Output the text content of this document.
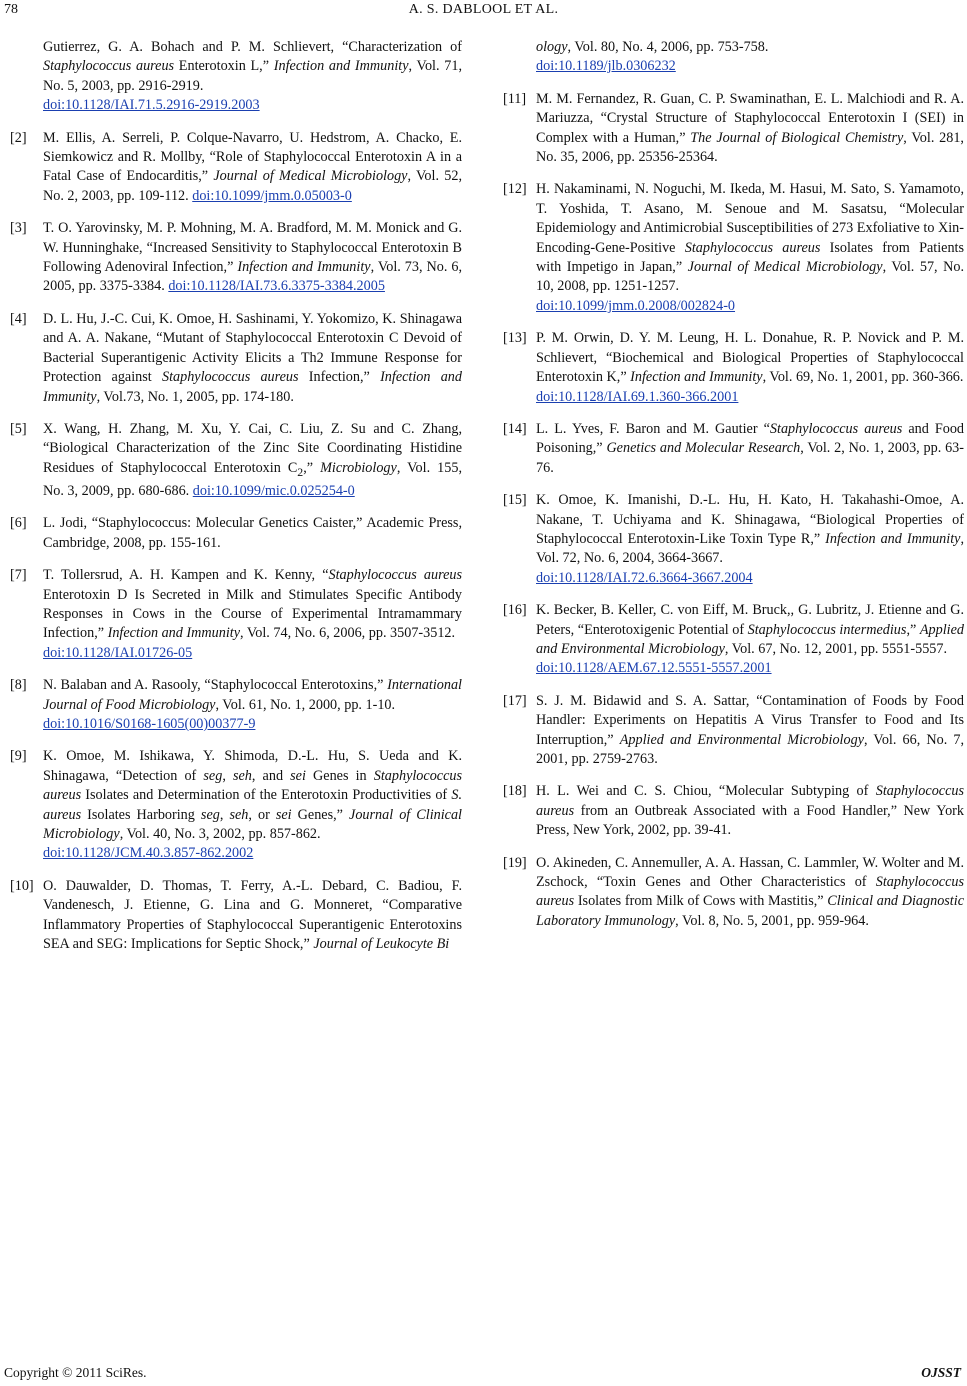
78	A. S. DABLOOL ET AL.
Gutierrez, G. A. Bohach and P. M. Schlievert, “Characterization of Staphylococcus aureus Enterotoxin L,” Infection and Immunity, Vol. 71, No. 5, 2003, pp. 2916-2919.
doi:10.1128/IAI.71.5.2916-2919.2003
[2]	M. Ellis, A. Serreli, P. Colque-Navarro, U. Hedstrom, A. Chacko, E. Siemkowicz and R. Mollby, “Role of Staphylococcal Enterotoxin A in a Fatal Case of Endocarditis,” Journal of Medical Microbiology, Vol. 52, No. 2, 2003, pp. 109-112. doi:10.1099/jmm.0.05003-0
[3]	T. O. Yarovinsky, M. P. Mohning, M. A. Bradford, M. M. Monick and G. W. Hunninghake, “Increased Sensitivity to Staphylococcal Enterotoxin B Following Adenoviral Infection,” Infection and Immunity, Vol. 73, No. 6, 2005, pp. 3375-3384. doi:10.1128/IAI.73.6.3375-3384.2005
[4]	D. L. Hu, J.-C. Cui, K. Omoe, H. Sashinami, Y. Yokomizo, K. Shinagawa and A. A. Nakane, “Mutant of Staphylococcal Enterotoxin C Devoid of Bacterial Superantigenic Activity Elicits a Th2 Immune Response for Protection against Staphylococcus aureus Infection,” Infection and Immunity, Vol.73, No. 1, 2005, pp. 174-180.
[5]	X. Wang, H. Zhang, M. Xu, Y. Cai, C. Liu, Z. Su and C. Zhang, “Biological Characterization of the Zinc Site Coordinating Histidine Residues of Staphylococcal Enterotoxin $C_2$,” Microbiology, Vol. 155, No. 3, 2009, pp. 680-686. doi:10.1099/mic.0.025254-0
[6]	L. Jodi, “Staphylococcus: Molecular Genetics Caister,” Academic Press, Cambridge, 2008, pp. 155-161.
[7]	T. Tollersrud, A. H. Kampen and K. Kenny, “Staphylococcus aureus Enterotoxin D Is Secreted in Milk and Stimulates Specific Antibody Responses in Cows in the Course of Experimental Intramammary Infection,” Infection and Immunity, Vol. 74, No. 6, 2006, pp. 3507-3512.
doi:10.1128/IAI.01726-05
[8]	N. Balaban and A. Rasooly, “Staphylococcal Enterotoxins,” International Journal of Food Microbiology, Vol. 61, No. 1, 2000, pp. 1-10.
doi:10.1016/S0168-1605(00)00377-9
[9]	K. Omoe, M. Ishikawa, Y. Shimoda, D.-L. Hu, S. Ueda and K. Shinagawa, “Detection of seg, seh, and sei Genes in Staphylococcus aureus Isolates and Determination of the Enterotoxin Productivities of S. aureus Isolates Harboring seg, seh, or sei Genes,” Journal of Clinical Microbiology, Vol. 40, No. 3, 2002, pp. 857-862.
doi:10.1128/JCM.40.3.857-862.2002
[10] O. Dauwalder, D. Thomas, T. Ferry, A.-L. Debard, C. Badiou, F. Vandenesch, J. Etienne, G. Lina and G. Monneret, “Comparative Inflammatory Properties of Staphylococcal Superantigenic Enterotoxins SEA and SEG: Implications for Septic Shock,” Journal of Leukocyte Bi
ology, Vol. 80, No. 4, 2006, pp. 753-758.
doi:10.1189/jlb.0306232
[11] M. M. Fernandez, R. Guan, C. P. Swaminathan, E. L. Malchiodi and R. A. Mariuzza, “Crystal Structure of Staphylococcal Enterotoxin I (SEI) in Complex with a Human,” The Journal of Biological Chemistry, Vol. 281, No. 35, 2006, pp. 25356-25364.
[12] H. Nakaminami, N. Noguchi, M. Ikeda, M. Hasui, M. Sato, S. Yamamoto, T. Yoshida, T. Asano, M. Senoue and M. Sasatsu, “Molecular Epidemiology and Antimicrobial Susceptibilities of 273 Exfoliative to Xin-Encoding-Gene-Positive Staphylococcus aureus Isolates from Patients with Impetigo in Japan,” Journal of Medical Microbiology, Vol. 57, No. 10, 2008, pp. 1251-1257.
doi:10.1099/jmm.0.2008/002824-0
[13] P. M. Orwin, D. Y. M. Leung, H. L. Donahue, R. P. Novick and P. M. Schlievert, “Biochemical and Biological Properties of Staphylococcal Enterotoxin K,” Infection and Immunity, Vol. 69, No. 1, 2001, pp. 360-366.
doi:10.1128/IAI.69.1.360-366.2001
[14] L. L. Yves, F. Baron and M. Gautier “Staphylococcus aureus and Food Poisoning,” Genetics and Molecular Research, Vol. 2, No. 1, 2003, pp. 63-76.
[15] K. Omoe, K. Imanishi, D.-L. Hu, H. Kato, H. Takahashi-Omoe, A. Nakane, T. Uchiyama and K. Shinagawa, “Biological Properties of Staphylococcal Enterotoxin-Like Toxin Type R,” Infection and Immunity, Vol. 72, No. 6, 2004, 3664-3667.
doi:10.1128/IAI.72.6.3664-3667.2004
[16] K. Becker, B. Keller, C. von Eiff, M. Bruck,, G. Lubritz, J. Etienne and G. Peters, “Enterotoxigenic Potential of Staphylococcus intermedius,” Applied and Environmental Microbiology, Vol. 67, No. 12, 2001, pp. 5551-5557.
doi:10.1128/AEM.67.12.5551-5557.2001
[17] S. J. M. Bidawid and S. A. Sattar, “Contamination of Foods by Food Handler: Experiments on Hepatitis A Virus Transfer to Food and Its Interruption,” Applied and Environmental Microbiology, Vol. 66, No. 7, 2001, pp. 2759-2763.
[18] H. L. Wei and C. S. Chiou, “Molecular Subtyping of Staphylococcus aureus from an Outbreak Associated with a Food Handler,” New York Press, New York, 2002, pp. 39-41.
[19] O. Akineden, C. Annemuller, A. A. Hassan, C. Lammler, W. Wolter and M. Zschock, “Toxin Genes and Other Characteristics of Staphylococcus aureus Isolates from Milk of Cows with Mastitis,” Clinical and Diagnostic Laboratory Immunology, Vol. 8, No. 5, 2001, pp. 959-964.
Copyright © 2011 SciRes.	OJSST
